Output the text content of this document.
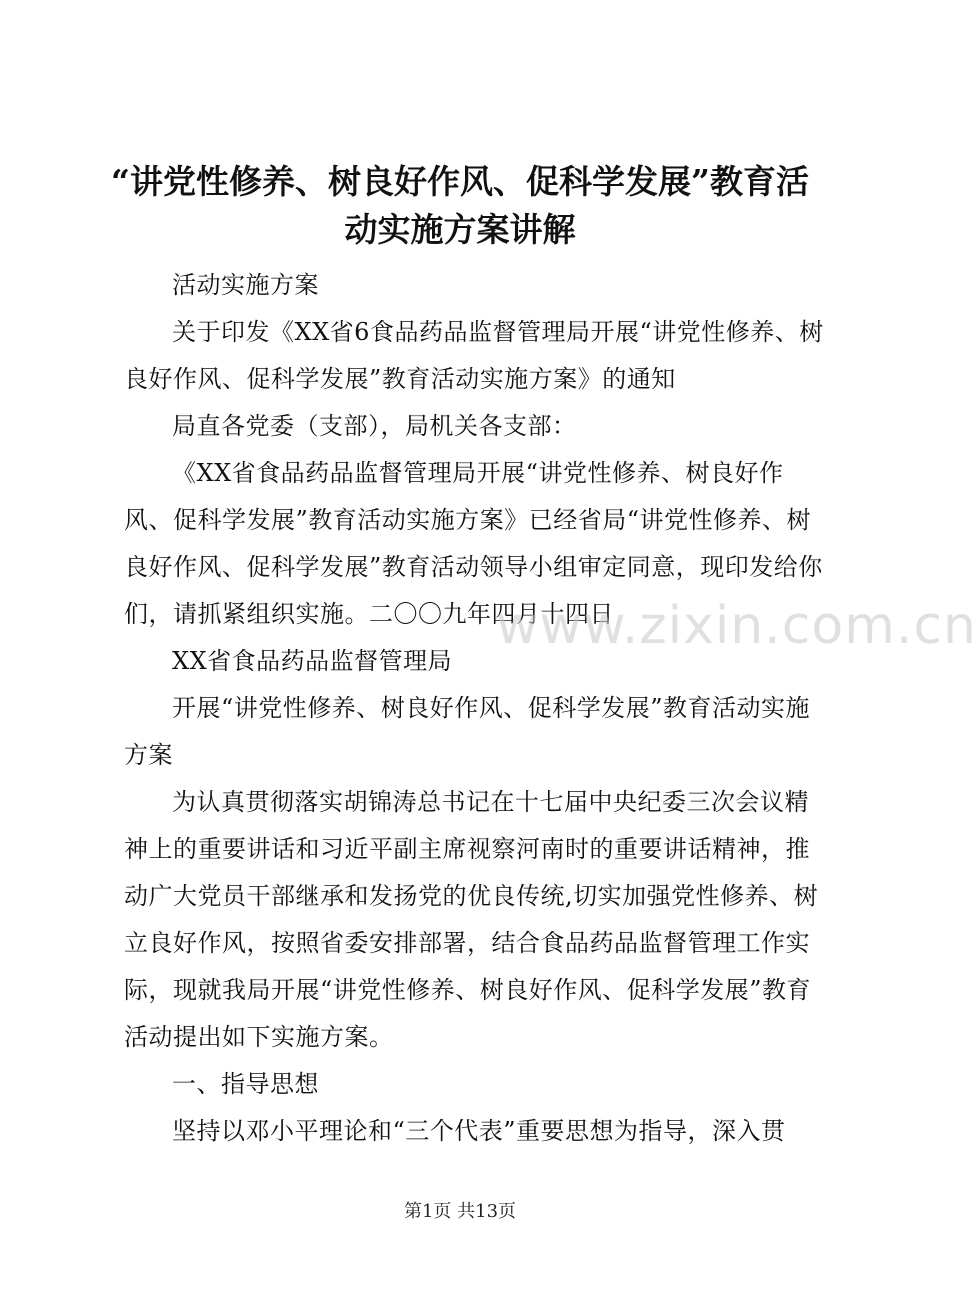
“讲党性修养、树良好作风、促科学发展”教育活动实施方案讲解

活动实施方案

关于印发《XX省6食品药品监督管理局开展“讲党性修养、树良好作风、促科学发展”教育活动实施方案》的通知

局直各党委（支部），局机关各支部：

《XX省食品药品监督管理局开展“讲党性修养、树良好作风、促科学发展”教育活动实施方案》已经省局“讲党性修养、树良好作风、促科学发展”教育活动领导小组审定同意，现印发给你们，请抓紧组织实施。二〇〇九年四月十四日

XX省食品药品监督管理局

开展“讲党性修养、树良好作风、促科学发展”教育活动实施方案

为认真贯彻落实胡锦涛总书记在十七届中央纪委三次会议精神上的重要讲话和习近平副主席视察河南时的重要讲话精神，推动广大党员干部继承和发扬党的优良传统,切实加强党性修养、树立良好作风，按照省委安排部署，结合食品药品监督管理工作实际，现就我局开展“讲党性修养、树良好作风、促科学发展”教育活动提出如下实施方案。

一、指导思想

坚持以邓小平理论和“三个代表”重要思想为指导，深入贯

www.zixin.com.cn
第1页 共13页
